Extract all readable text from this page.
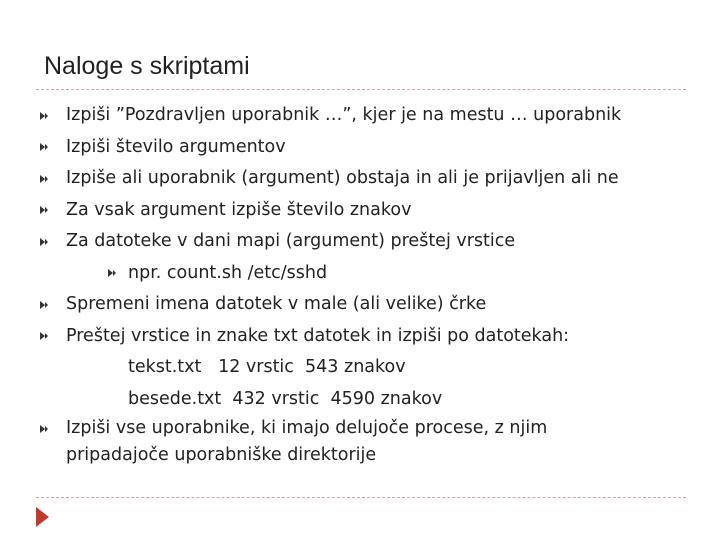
Naloge s skriptami
Izpiši ”Pozdravljen uporabnik …”, kjer je na mestu … uporabnik
Izpiši število argumentov
Izpiše ali uporabnik (argument) obstaja in ali je prijavljen ali ne
Za vsak argument izpiše število znakov
Za datoteke v dani mapi (argument) preštej vrstice
npr. count.sh /etc/sshd
Spremeni imena datotek v male (ali velike) črke
Preštej vrstice in znake txt datotek in izpiši po datotekah:
tekst.txt   12 vrstic  543 znakov
besede.txt  432 vrstic  4590 znakov
Izpiši vse uporabnike, ki imajo delujoče procese, z njim
pripadajoče uporabniške direktorije
